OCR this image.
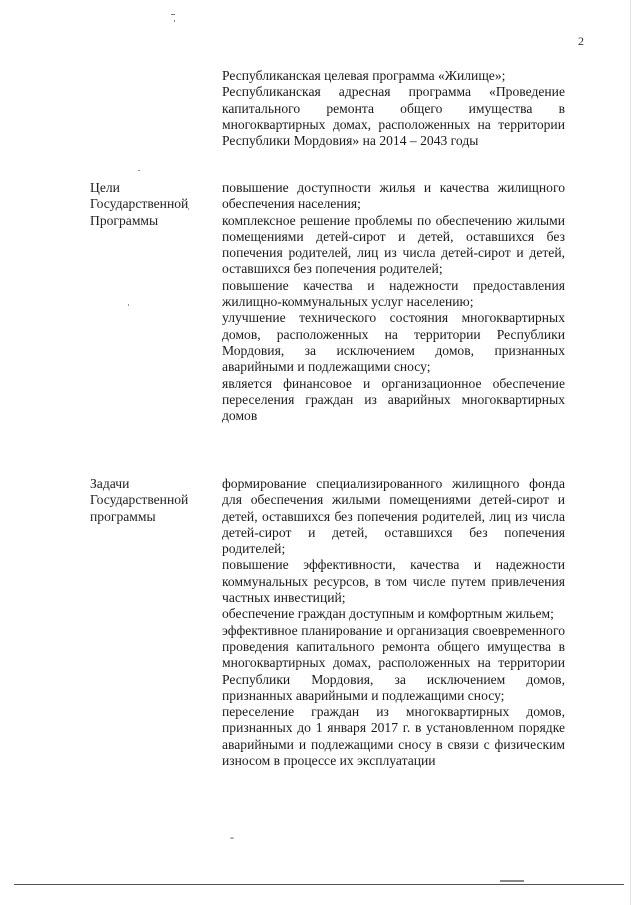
2

Республиканская целевая программа «Жилище»;

Республиканская адресная программа «Проведение капитального ремонта общего имущества в многоквартирных домах, расположенных на территории Республики Мордовия» на 2014 – 2043 годы

Цели
Государственной
Программы

повышение доступности жилья и качества жилищного обеспечения населения;

комплексное решение проблемы по обеспечению жилыми помещениями детей-сирот и детей, оставшихся без попечения родителей, лиц из числа детей-сирот и детей, оставшихся без попечения родителей;

повышение качества и надежности предоставления жилищно-коммунальных услуг населению;

улучшение технического состояния многоквартирных домов, расположенных на территории Республики Мордовия, за исключением домов, признанных аварийными и подлежащими сносу;

является финансовое и организационное обеспечение переселения граждан из аварийных многоквартирных домов

Задачи
Государственной
программы

формирование специализированного жилищного фонда для обеспечения жилыми помещениями детей-сирот и детей, оставшихся без попечения родителей, лиц из числа детей-сирот и детей, оставшихся без попечения родителей;

повышение эффективности, качества и надежности коммунальных ресурсов, в том числе путем привлечения частных инвестиций;

обеспечение граждан доступным и комфортным жильем;

эффективное планирование и организация своевременного проведения капитального ремонта общего имущества в многоквартирных домах, расположенных на территории Республики Мордовия, за исключением домов, признанных аварийными и подлежащими сносу;

переселение граждан из многоквартирных домов, признанных до 1 января 2017 г. в установленном порядке аварийными и подлежащими сносу в связи с физическим износом в процессе их эксплуатации

-
